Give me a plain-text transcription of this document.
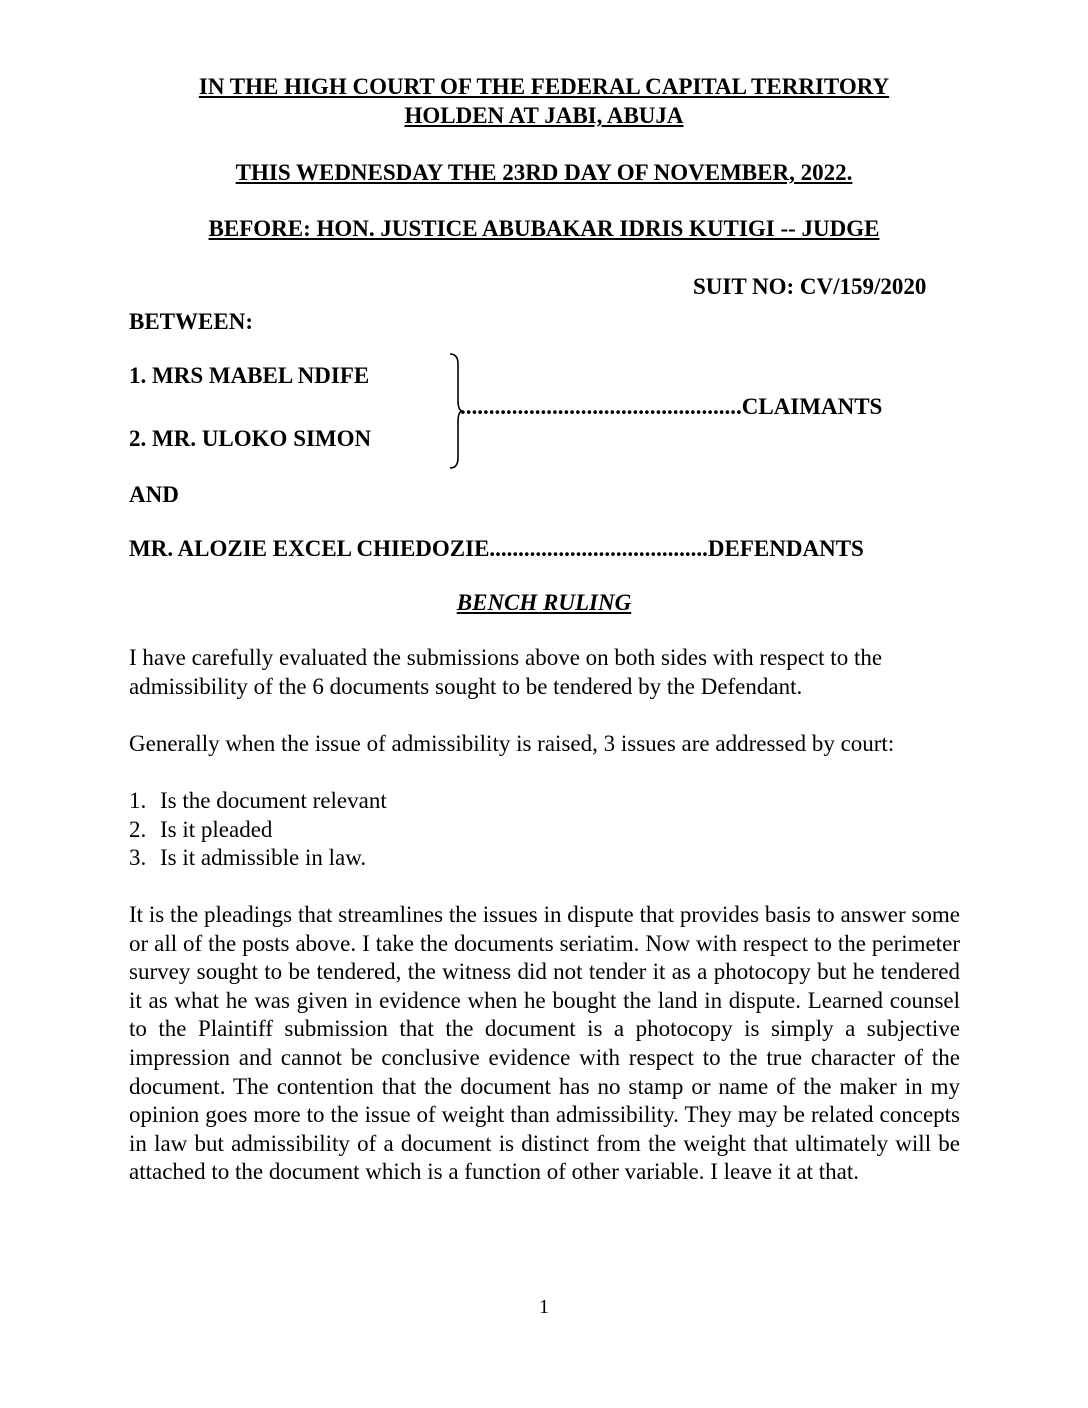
IN THE HIGH COURT OF THE FEDERAL CAPITAL TERRITORY
HOLDEN AT JABI, ABUJA
THIS WEDNESDAY THE 23RD DAY OF NOVEMBER, 2022.
BEFORE: HON. JUSTICE ABUBAKAR IDRIS KUTIGI -- JUDGE
SUIT NO: CV/159/2020
BETWEEN:
1. MRS MABEL NDIFE
2. MR. ULOKO SIMON
.................................................CLAIMANTS
AND
MR. ALOZIE EXCEL CHIEDOZIE......................................DEFENDANTS
BENCH RULING
I have carefully evaluated the submissions above on both sides with respect to the admissibility of the 6 documents sought to be tendered by the Defendant.
Generally when the issue of admissibility is raised, 3 issues are addressed by court:
1. Is the document relevant
2. Is it pleaded
3. Is it admissible in law.
It is the pleadings that streamlines the issues in dispute that provides basis to answer some or all of the posts above. I take the documents seriatim. Now with respect to the perimeter survey sought to be tendered, the witness did not tender it as a photocopy but he tendered it as what he was given in evidence when he bought the land in dispute. Learned counsel to the Plaintiff submission that the document is a photocopy is simply a subjective impression and cannot be conclusive evidence with respect to the true character of the document. The contention that the document has no stamp or name of the maker in my opinion goes more to the issue of weight than admissibility. They may be related concepts in law but admissibility of a document is distinct from the weight that ultimately will be attached to the document which is a function of other variable. I leave it at that.
1
